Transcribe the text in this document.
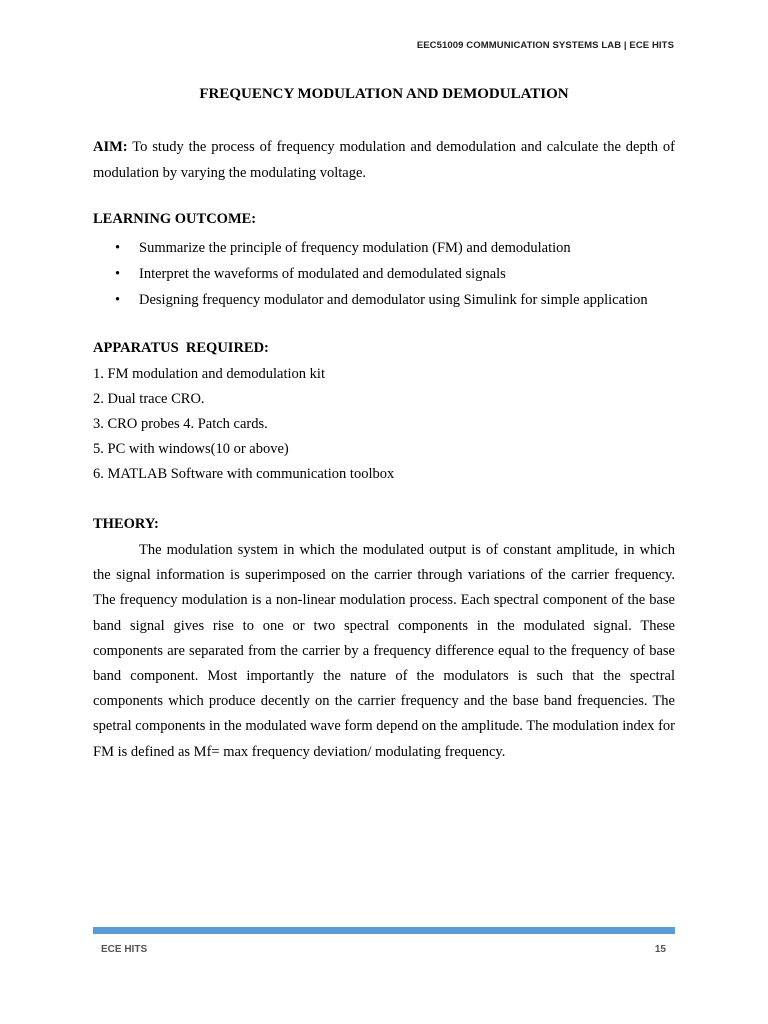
EEC51009 COMMUNICATION SYSTEMS LAB | ECE HITS
FREQUENCY MODULATION AND DEMODULATION
AIM: To study the process of frequency modulation and demodulation and calculate the depth of modulation by varying the modulating voltage.
LEARNING OUTCOME:
• Summarize the principle of frequency modulation (FM) and demodulation
• Interpret the waveforms of modulated and demodulated signals
• Designing frequency modulator and demodulator using Simulink for simple application
APPARATUS  REQUIRED:
1. FM modulation and demodulation kit
2. Dual trace CRO.
3. CRO probes 4. Patch cards.
5. PC with windows(10 or above)
6. MATLAB Software with communication toolbox
THEORY:
The modulation system in which the modulated output is of constant amplitude, in which the signal information is superimposed on the carrier through variations of the carrier frequency. The frequency modulation is a non-linear modulation process. Each spectral component of the base band signal gives rise to one or two spectral components in the modulated signal. These components are separated from the carrier by a frequency difference equal to the frequency of base band component. Most importantly the nature of the modulators is such that the spectral components which produce decently on the carrier frequency and the base band frequencies. The spetral components in the modulated wave form depend on the amplitude. The modulation index for FM is defined as Mf= max frequency deviation/ modulating frequency.
ECE HITS	15
